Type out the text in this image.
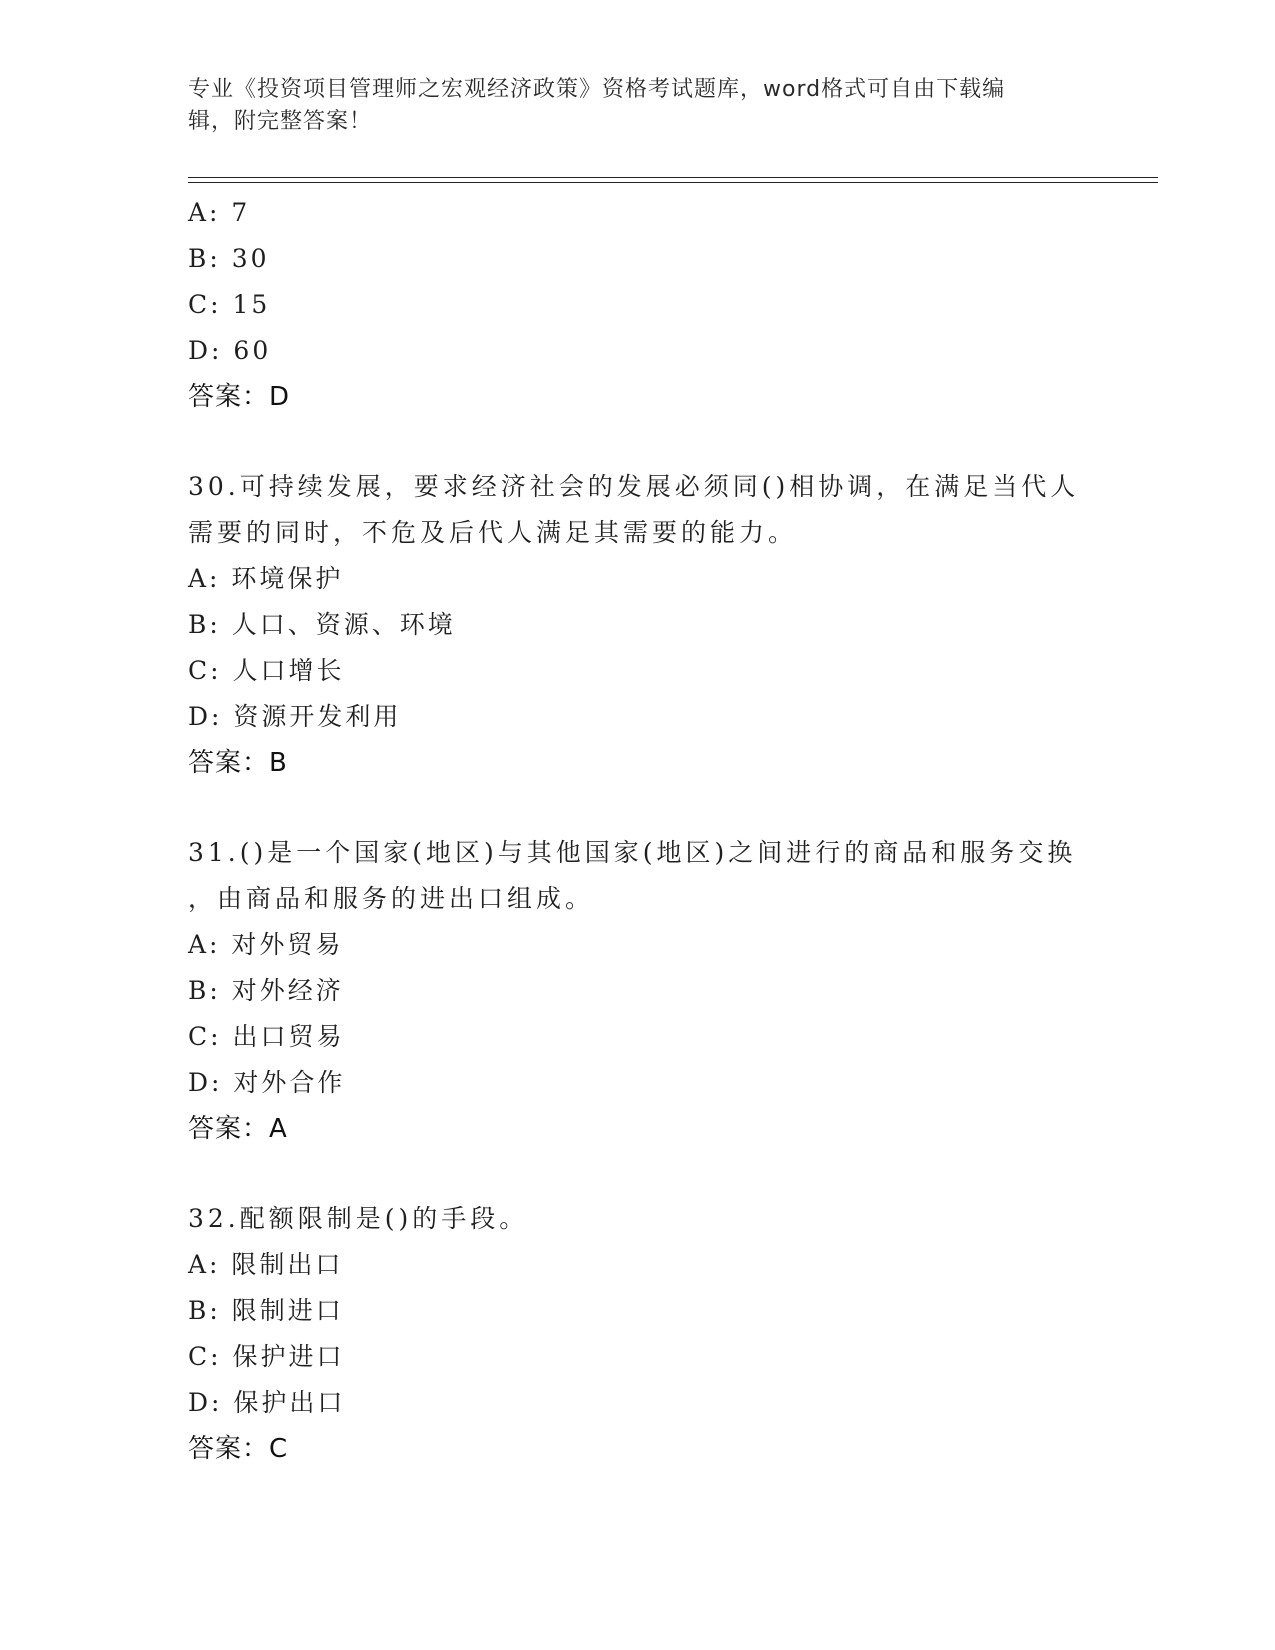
专业《投资项目管理师之宏观经济政策》资格考试题库，word格式可自由下载编
辑，附完整答案！
A: 7
B: 30
C: 15
D: 60
答案：D
30.可持续发展，要求经济社会的发展必须同()相协调，在满足当代人
需要的同时，不危及后代人满足其需要的能力。
A: 环境保护
B: 人口、资源、环境
C: 人口增长
D: 资源开发利用
答案：B
31.()是一个国家(地区)与其他国家(地区)之间进行的商品和服务交换
，由商品和服务的进出口组成。
A: 对外贸易
B: 对外经济
C: 出口贸易
D: 对外合作
答案：A
32.配额限制是()的手段。
A: 限制出口
B: 限制进口
C: 保护进口
D: 保护出口
答案：C
